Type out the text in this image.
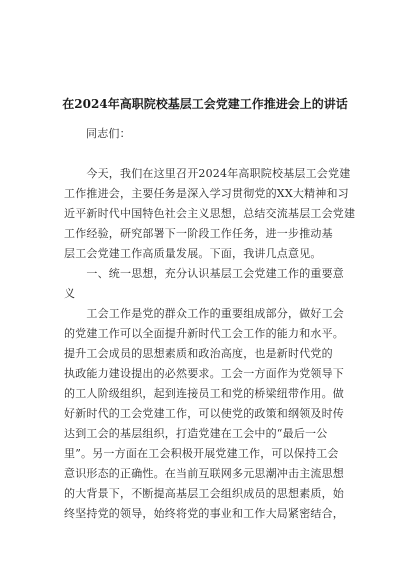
在2024年高职院校基层工会党建工作推进会上的讲话
同志们：
　　今天，我们在这里召开2024年高职院校基层工会党建
工作推进会，主要任务是深入学习贯彻党的XX大精神和习
近平新时代中国特色社会主义思想，总结交流基层工会党建
工作经验，研究部署下一阶段工作任务，进一步推动基
层工会党建工作高质量发展。下面，我讲几点意见。
　　一、统一思想，充分认识基层工会党建工作的重要意
义
　　工会工作是党的群众工作的重要组成部分，做好工会
的党建工作可以全面提升新时代工会工作的能力和水平。
提升工会成员的思想素质和政治高度，也是新时代党的
执政能力建设提出的必然要求。工会一方面作为党领导下
的工人阶级组织，起到连接员工和党的桥梁纽带作用。做
好新时代的工会党建工作，可以使党的政策和纲领及时传
达到工会的基层组织，打造党建在工会中的“最后一公
里”。另一方面在工会积极开展党建工作，可以保持工会
意识形态的正确性。在当前互联网多元思潮冲击主流思想
的大背景下，不断提高基层工会组织成员的思想素质，始
终坚持党的领导，始终将党的事业和工作大局紧密结合，
